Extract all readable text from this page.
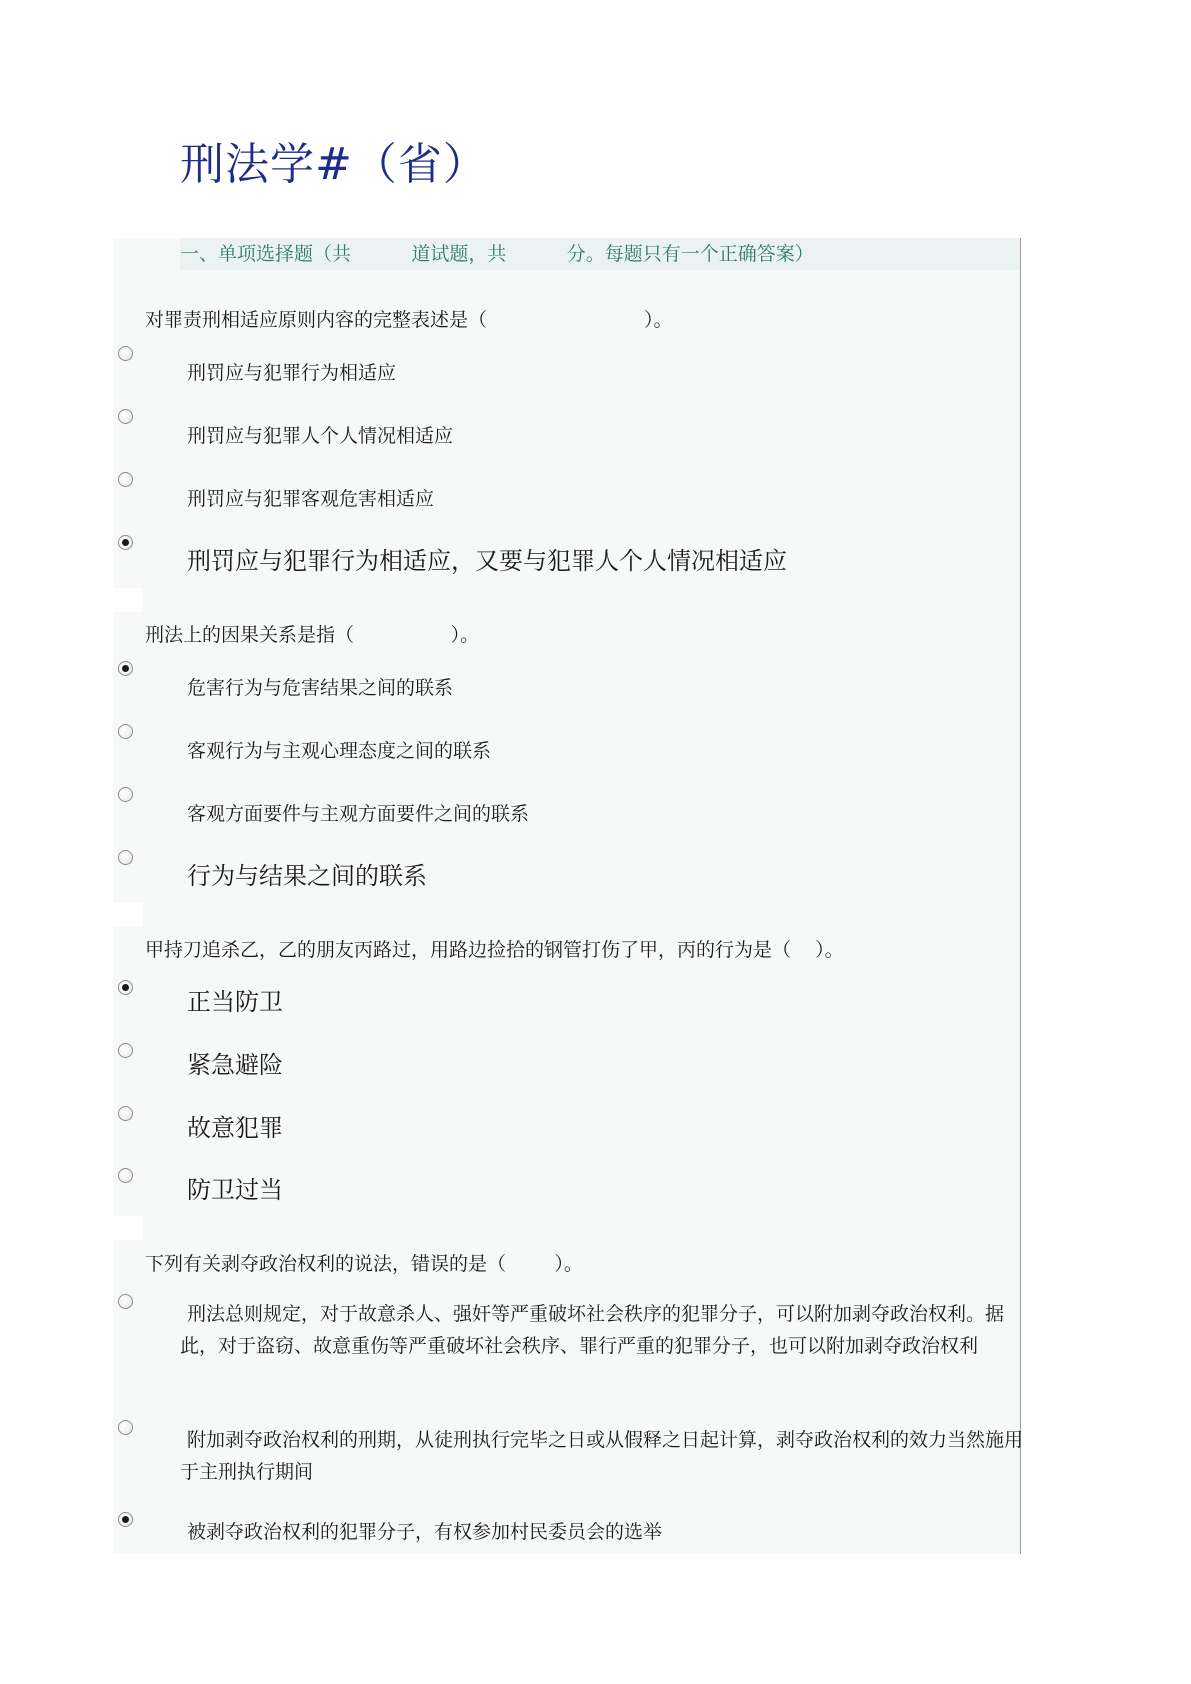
刑法学#（省）
一、单项选择题（共          道试题，共          分。每题只有一个正确答案）
对罪责刑相适应原则内容的完整表述是（                          ）。
刑罚应与犯罪行为相适应
刑罚应与犯罪人个人情况相适应
刑罚应与犯罪客观危害相适应
刑罚应与犯罪行为相适应，又要与犯罪人个人情况相适应
刑法上的因果关系是指（                ）。
危害行为与危害结果之间的联系
客观行为与主观心理态度之间的联系
客观方面要件与主观方面要件之间的联系
行为与结果之间的联系
甲持刀追杀乙，乙的朋友丙路过，用路边捡拾的钢管打伤了甲，丙的行为是（    ）。
正当防卫
紧急避险
故意犯罪
防卫过当
下列有关剥夺政治权利的说法，错误的是（        ）。
刑法总则规定，对于故意杀人、强奸等严重破坏社会秩序的犯罪分子，可以附加剥夺政治权利。据此，对于盗窃、故意重伤等严重破坏社会秩序、罪行严重的犯罪分子，也可以附加剥夺政治权利
附加剥夺政治权利的刑期，从徒刑执行完毕之日或从假释之日起计算，剥夺政治权利的效力当然施用于主刑执行期间
被剥夺政治权利的犯罪分子，有权参加村民委员会的选举
